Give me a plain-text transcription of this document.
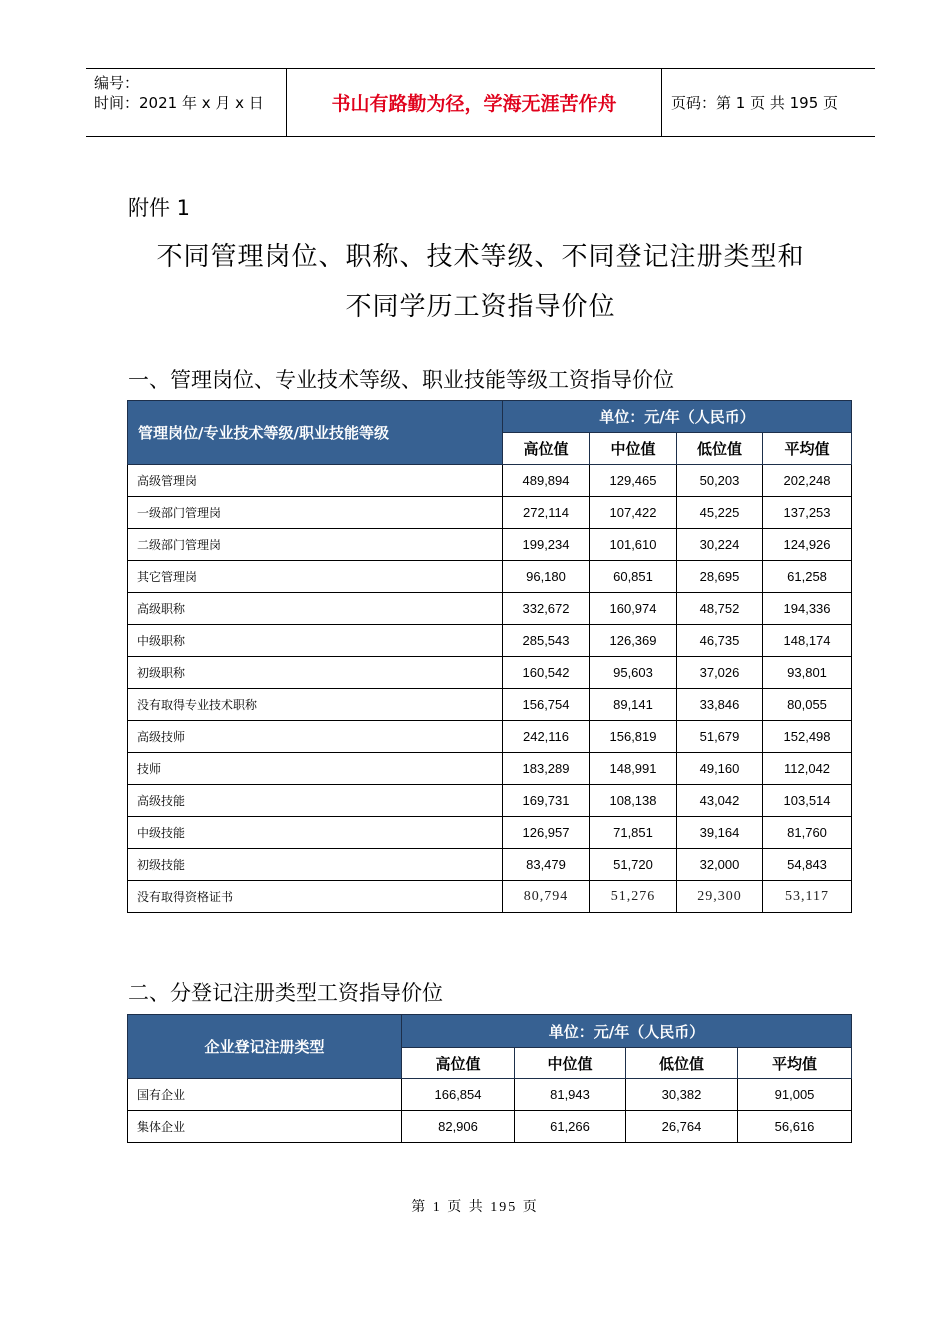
编号：
时间：2021 年 x 月 x 日	书山有路勤为径，学海无涯苦作舟	页码：第 1 页 共 195 页
附件 1
不同管理岗位、职称、技术等级、不同登记注册类型和
不同学历工资指导价位
一、管理岗位、专业技术等级、职业技能等级工资指导价位
管理岗位/专业技术等级/职业技能等级	单位：元/年（人民币）			
	高位值	中位值	低位值	平均值
高级管理岗	489,894	129,465	50,203	202,248
一级部门管理岗	272,114	107,422	45,225	137,253
二级部门管理岗	199,234	101,610	30,224	124,926
其它管理岗	96,180	60,851	28,695	61,258
高级职称	332,672	160,974	48,752	194,336
中级职称	285,543	126,369	46,735	148,174
初级职称	160,542	95,603	37,026	93,801
没有取得专业技术职称	156,754	89,141	33,846	80,055
高级技师	242,116	156,819	51,679	152,498
技师	183,289	148,991	49,160	112,042
高级技能	169,731	108,138	43,042	103,514
中级技能	126,957	71,851	39,164	81,760
初级技能	83,479	51,720	32,000	54,843
没有取得资格证书	80,794	51,276	29,300	53,117
二、分登记注册类型工资指导价位
企业登记注册类型	单位：元/年（人民币）			
	高位值	中位值	低位值	平均值
国有企业	166,854	81,943	30,382	91,005
集体企业	82,906	61,266	26,764	56,616
第 1 页 共 195 页
